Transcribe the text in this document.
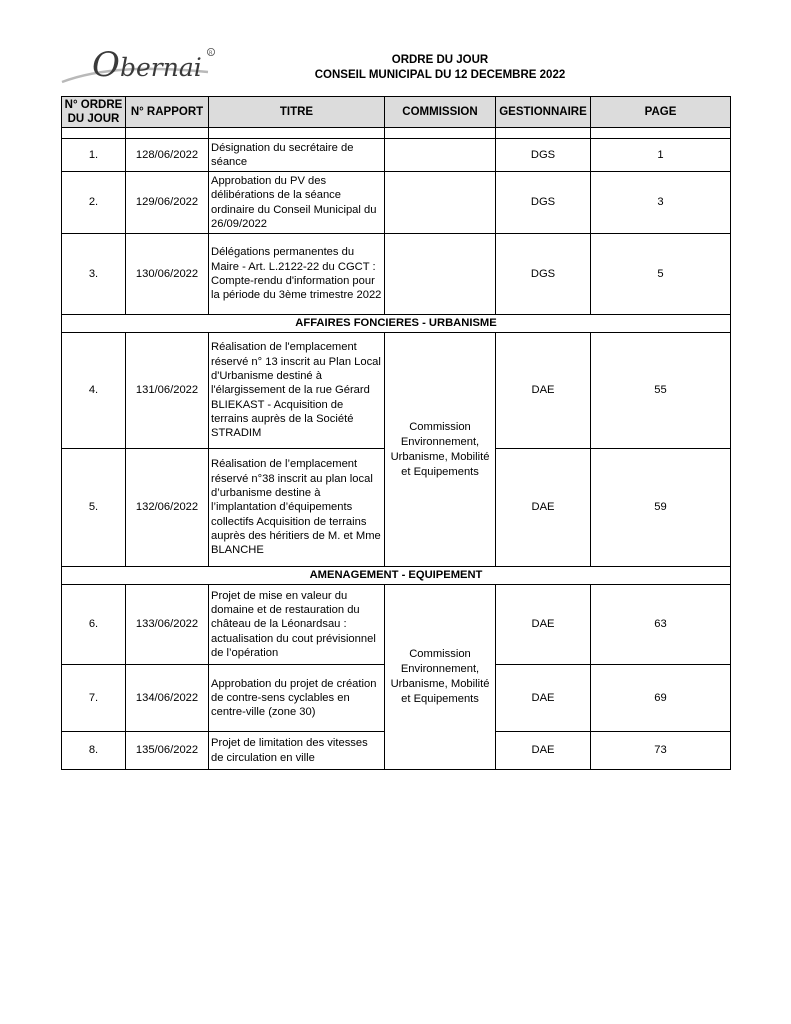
O bernai R
ORDRE DU JOUR
CONSEIL MUNICIPAL DU 12 DECEMBRE 2022
N° ORDRE DU JOUR	N° RAPPORT	TITRE	COMMISSION	GESTIONNAIRE	PAGE

1.	128/06/2022	Désignation du secrétaire de séance		DGS	1
2.	129/06/2022	Approbation du PV des délibérations de la séance ordinaire du Conseil Municipal du 26/09/2022		DGS	3
3.	130/06/2022	Délégations permanentes du Maire - Art. L.2122-22 du CGCT : Compte-rendu d'information pour la période du 3ème trimestre 2022		DGS	5
AFFAIRES FONCIERES - URBANISME					
4.	131/06/2022	Réalisation de l'emplacement réservé n° 13 inscrit au Plan Local d'Urbanisme destiné à l'élargissement de la rue Gérard BLIEKAST - Acquisition de terrains auprès de la Société STRADIM	Commission Environnement, Urbanisme, Mobilité et Equipements	DAE	55
5.	132/06/2022	Réalisation de l’emplacement réservé n°38 inscrit au plan local d’urbanisme destine à l’implantation d’équipements collectifs Acquisition de terrains auprès des héritiers de M. et Mme BLANCHE		DAE	59
AMENAGEMENT - EQUIPEMENT					
6.	133/06/2022	Projet de mise en valeur du domaine et de restauration du château de la Léonardsau : actualisation du cout prévisionnel de l’opération	Commission Environnement, Urbanisme, Mobilité et Equipements	DAE	63
7.	134/06/2022	Approbation du projet de création de contre-sens cyclables en centre-ville (zone 30)		DAE	69
8.	135/06/2022	Projet de limitation des vitesses de circulation en ville		DAE	73
